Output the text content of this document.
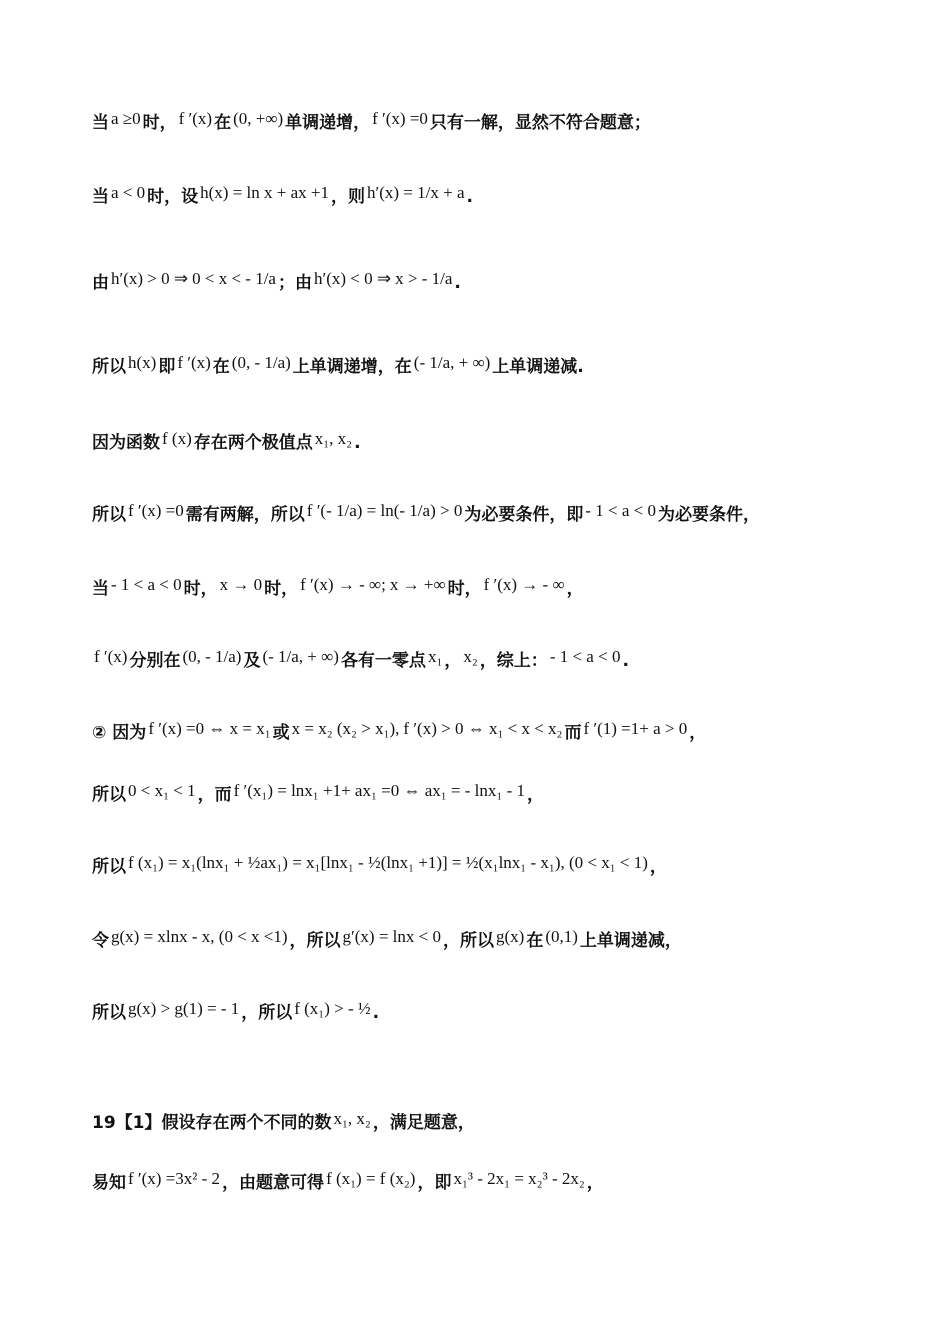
当 a ≥0 时， f ′(x) 在 (0, +∞) 单调递增， f ′(x) =0 只有一解，显然不符合题意；
当 a < 0 时，设 h(x) = ln x + ax +1 ，则 h′(x) = 1/x + a .
由 h′(x) > 0 ⇒ 0 < x < - 1/a ；由 h′(x) < 0 ⇒ x > - 1/a .
所以 h(x) 即 f ′(x) 在 (0, - 1/a) 上单调递增，在 (- 1/a, + ∞) 上单调递减.
因为函数 f (x) 存在两个极值点 x₁, x₂ .
所以 f ′(x) =0 需有两解，所以 f ′(- 1/a) = ln(- 1/a) > 0 为必要条件，即 - 1 < a < 0 为必要条件，
当 - 1 < a < 0 时， x → 0 时， f ′(x) → - ∞; x → +∞ 时， f ′(x) → - ∞ ，
f ′(x) 分别在 (0, - 1/a) 及 (- 1/a, + ∞) 各有一零点 x₁ ， x₂ ，综上： - 1 < a < 0 .
② 因为 f ′(x) =0 ⇔ x = x₁ 或 x = x₂ (x₂ > x₁), f ′(x) > 0 ⇔ x₁ < x < x₂ 而 f ′(1) =1+ a > 0 ，
所以 0 < x₁ < 1 ，而 f ′(x₁) = lnx₁ +1+ ax₁ =0 ⇔ ax₁ = - lnx₁ - 1 ，
所以 f (x₁) = x₁(lnx₁ + ½ax₁) = x₁[lnx₁ - ½(lnx₁ +1)] = ½(x₁lnx₁ - x₁), (0 < x₁ < 1) ，
令 g(x) = xlnx - x, (0 < x <1) ，所以 g′(x) = lnx < 0 ，所以 g(x) 在 (0,1) 上单调递减，
所以 g(x) > g(1) = - 1 ，所以 f (x₁) > - ½ .
19【1】假设存在两个不同的数 x₁, x₂ ，满足题意，
易知 f ′(x) =3x² - 2 ，由题意可得 f (x₁) = f (x₂) ，即 x₁³ - 2x₁ = x₂³ - 2x₂ ，
